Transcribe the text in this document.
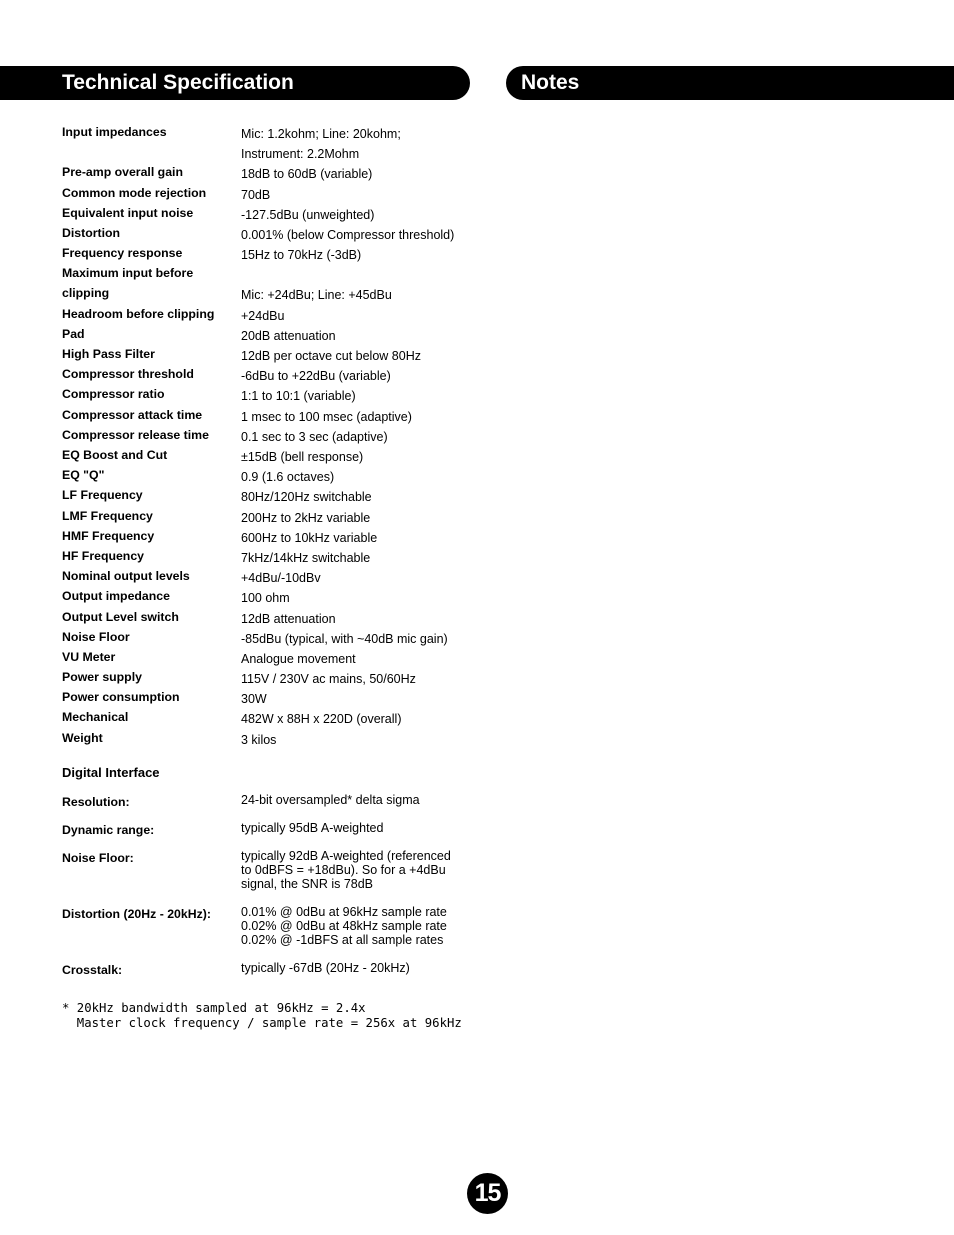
Technical Specification	Notes
Input impedances	Mic: 1.2kohm; Line: 20kohm;
Instrument: 2.2Mohm
Pre-amp overall gain	18dB to 60dB (variable)
Common mode rejection	70dB
Equivalent input noise	-127.5dBu (unweighted)
Distortion	0.001% (below Compressor threshold)
Frequency response	15Hz to 70kHz (-3dB)
Maximum input before
clipping	Mic: +24dBu; Line: +45dBu
Headroom before clipping	+24dBu
Pad	20dB attenuation
High Pass Filter	12dB per octave cut below 80Hz
Compressor threshold	-6dBu to +22dBu (variable)
Compressor ratio	1:1 to 10:1 (variable)
Compressor attack time	1 msec to 100 msec (adaptive)
Compressor release time	0.1 sec to 3 sec (adaptive)
EQ Boost and Cut	±15dB (bell response)
EQ "Q"	0.9 (1.6 octaves)
LF Frequency	80Hz/120Hz switchable
LMF Frequency	200Hz to 2kHz variable
HMF Frequency	600Hz to 10kHz variable
HF Frequency	7kHz/14kHz switchable
Nominal output levels	+4dBu/-10dBv
Output impedance	100 ohm
Output Level switch	12dB attenuation
Noise Floor	-85dBu (typical, with ~40dB mic gain)
VU Meter	Analogue movement
Power supply	115V / 230V ac mains, 50/60Hz
Power consumption	30W
Mechanical	482W x 88H x 220D (overall)
Weight	3 kilos
Digital Interface
Resolution:	24-bit oversampled* delta sigma
Dynamic range:	typically 95dB A-weighted
Noise Floor:	typically 92dB A-weighted (referenced
to 0dBFS = +18dBu). So for a +4dBu
signal, the SNR is 78dB
Distortion (20Hz - 20kHz):	0.01% @ 0dBu at 96kHz sample rate
0.02% @ 0dBu at 48kHz sample rate
0.02% @ -1dBFS at all sample rates
Crosstalk:	typically -67dB (20Hz - 20kHz)
* 20kHz bandwidth sampled at 96kHz = 2.4x
Master clock frequency / sample rate = 256x at 96kHz
15
